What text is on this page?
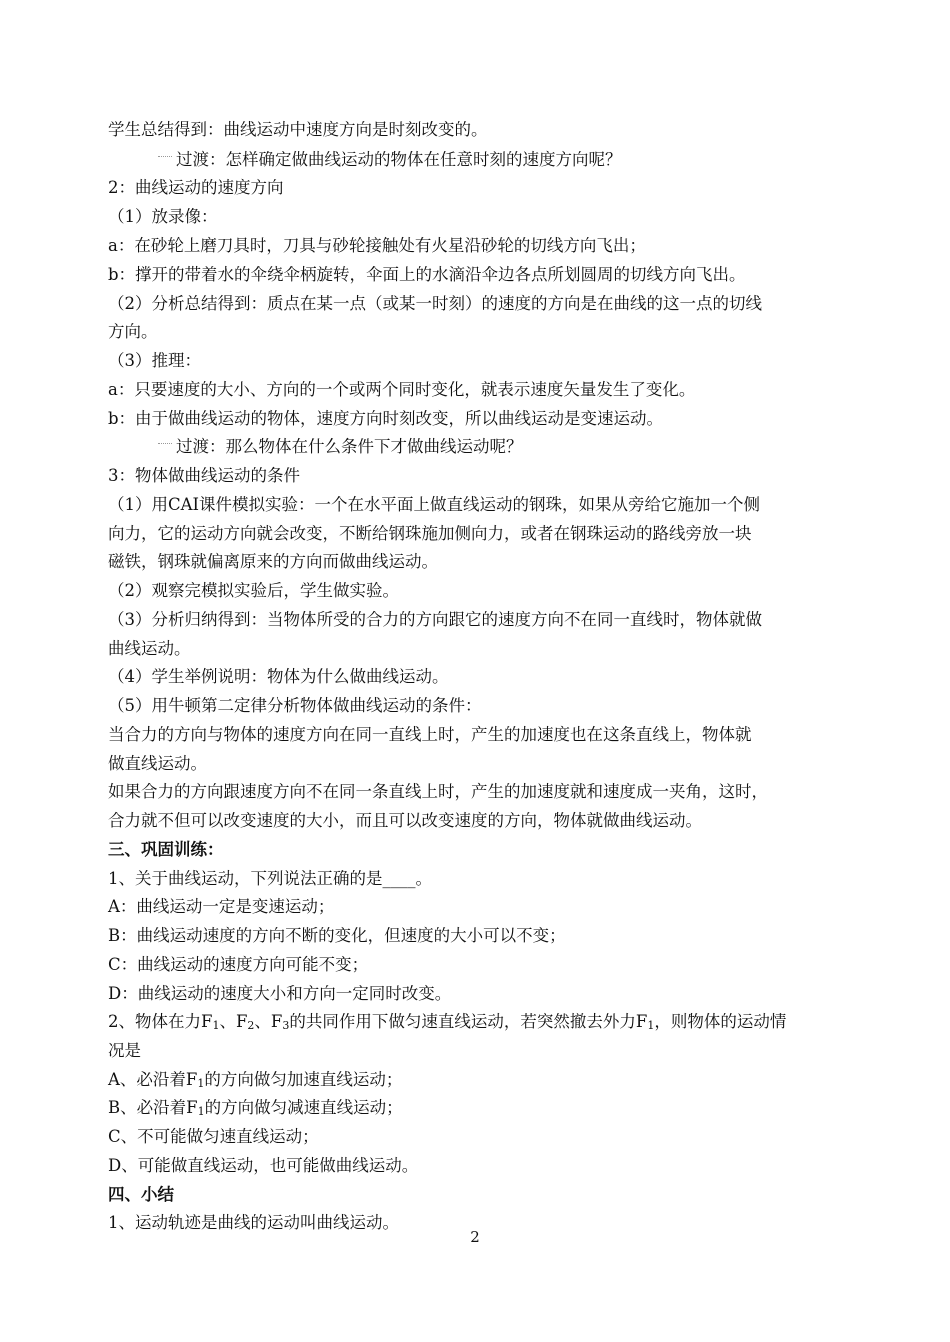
学生总结得到：曲线运动中速度方向是时刻改变的。
过渡：怎样确定做曲线运动的物体在任意时刻的速度方向呢？
2：曲线运动的速度方向
（1）放录像：
a：在砂轮上磨刀具时，刀具与砂轮接触处有火星沿砂轮的切线方向飞出；
b：撑开的带着水的伞绕伞柄旋转，伞面上的水滴沿伞边各点所划圆周的切线方向飞出。
（2）分析总结得到：质点在某一点（或某一时刻）的速度的方向是在曲线的这一点的切线
方向。
（3）推理：
a：只要速度的大小、方向的一个或两个同时变化，就表示速度矢量发生了变化。
b：由于做曲线运动的物体，速度方向时刻改变，所以曲线运动是变速运动。
过渡：那么物体在什么条件下才做曲线运动呢？
3：物体做曲线运动的条件
（1）用CAI课件模拟实验：一个在水平面上做直线运动的钢珠，如果从旁给它施加一个侧
向力，它的运动方向就会改变，不断给钢珠施加侧向力，或者在钢珠运动的路线旁放一块
磁铁，钢珠就偏离原来的方向而做曲线运动。
（2）观察完模拟实验后，学生做实验。
（3）分析归纳得到：当物体所受的合力的方向跟它的速度方向不在同一直线时，物体就做
曲线运动。
（4）学生举例说明：物体为什么做曲线运动。
（5）用牛顿第二定律分析物体做曲线运动的条件：
当合力的方向与物体的速度方向在同一直线上时，产生的加速度也在这条直线上，物体就
做直线运动。
如果合力的方向跟速度方向不在同一条直线上时，产生的加速度就和速度成一夹角，这时，
合力就不但可以改变速度的大小，而且可以改变速度的方向，物体就做曲线运动。
三、巩固训练：
1、关于曲线运动，下列说法正确的是____。
A：曲线运动一定是变速运动；
B：曲线运动速度的方向不断的变化，但速度的大小可以不变；
C：曲线运动的速度方向可能不变；
D：曲线运动的速度大小和方向一定同时改变。
2、物体在力$F_1$、$F_2$、$F_3$的共同作用下做匀速直线运动，若突然撤去外力$F_1$，则物体的运动情
况是
A、必沿着$F_1$的方向做匀加速直线运动；
B、必沿着$F_1$的方向做匀减速直线运动；
C、不可能做匀速直线运动；
D、可能做直线运动，也可能做曲线运动。
四、小结
1、运动轨迹是曲线的运动叫曲线运动。
2
